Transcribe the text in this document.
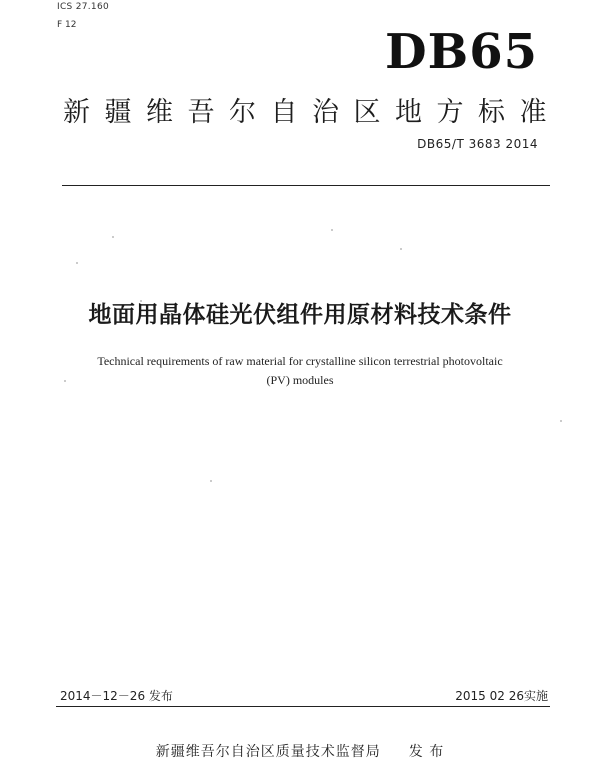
ICS 27.160
F 12	DB65
新疆维吾尔自治区地方标准
DB65/T 3683 2014
地面用晶体硅光伏组件用原材料技术条件
Technical requirements of raw material for crystalline silicon terrestrial photovoltaic
(PV) modules
2014－12－26 发布	2015 02 26实施
新疆维吾尔自治区质量技术监督局 发 布
